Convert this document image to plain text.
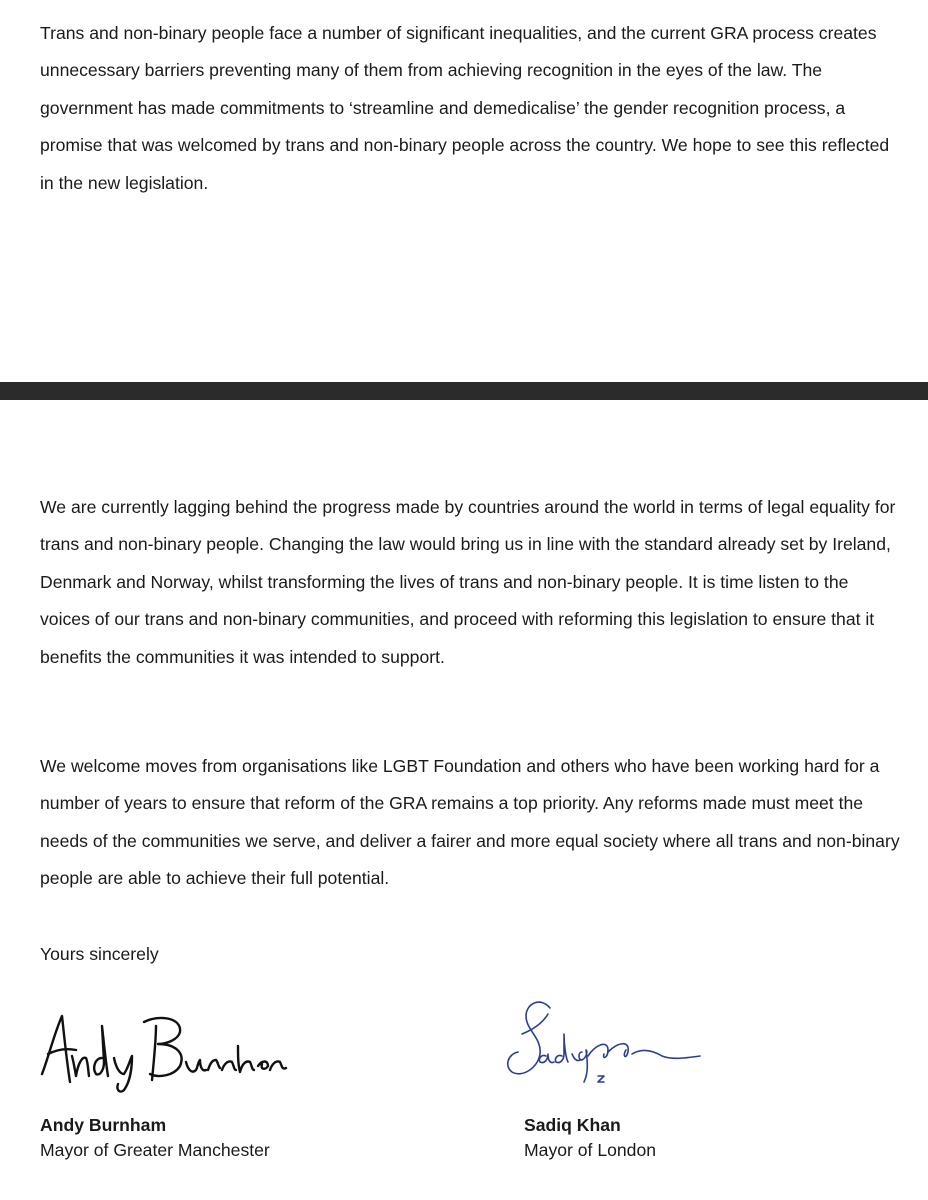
Trans and non-binary people face a number of significant inequalities, and the current GRA process creates unnecessary barriers preventing many of them from achieving recognition in the eyes of the law. The government has made commitments to ‘streamline and demedicalise’ the gender recognition process, a promise that was welcomed by trans and non-binary people across the country. We hope to see this reflected in the new legislation.

We are currently lagging behind the progress made by countries around the world in terms of legal equality for trans and non-binary people. Changing the law would bring us in line with the standard already set by Ireland, Denmark and Norway, whilst transforming the lives of trans and non-binary people. It is time listen to the voices of our trans and non-binary communities, and proceed with reforming this legislation to ensure that it benefits the communities it was intended to support.

We welcome moves from organisations like LGBT Foundation and others who have been working hard for a number of years to ensure that reform of the GRA remains a top priority. Any reforms made must meet the needs of the communities we serve, and deliver a fairer and more equal society where all trans and non-binary people are able to achieve their full potential.

Yours sincerely

Andy Burnham
Mayor of Greater Manchester
Sadiq Khan
Mayor of London
